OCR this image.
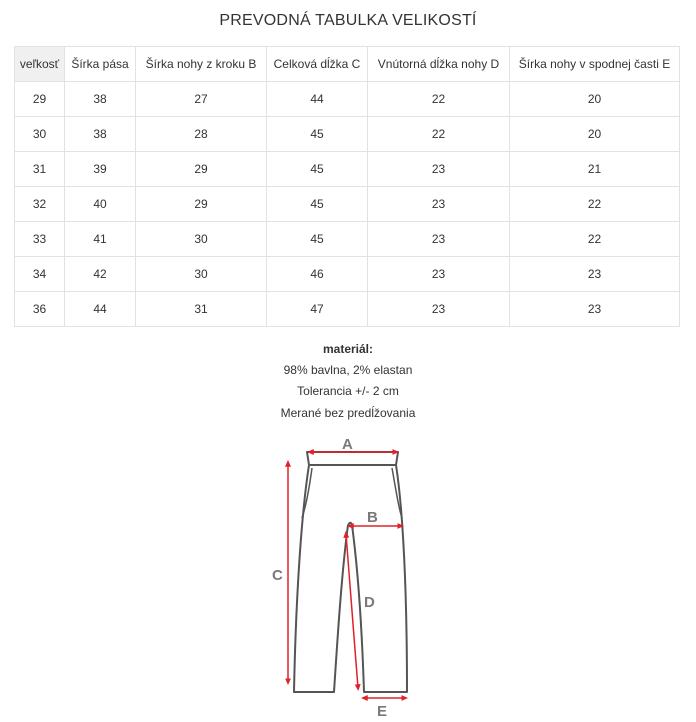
PREVODNÁ TABULKA VELIKOSTÍ
veľkosť	Šírka pása	Šírka nohy z kroku B	Celková dĺžka C	Vnútorná dĺžka nohy D	Šírka nohy v spodnej časti E
29	38	27	44	22	20
30	38	28	45	22	20
31	39	29	45	23	21
32	40	29	45	23	22
33	41	30	45	23	22
34	42	30	46	23	23
36	44	31	47	23	23
materiál:
98% bavlna, 2% elastan
Tolerancia +/- 2 cm
Merané bez predĺžovania
A
B
C
D
E
